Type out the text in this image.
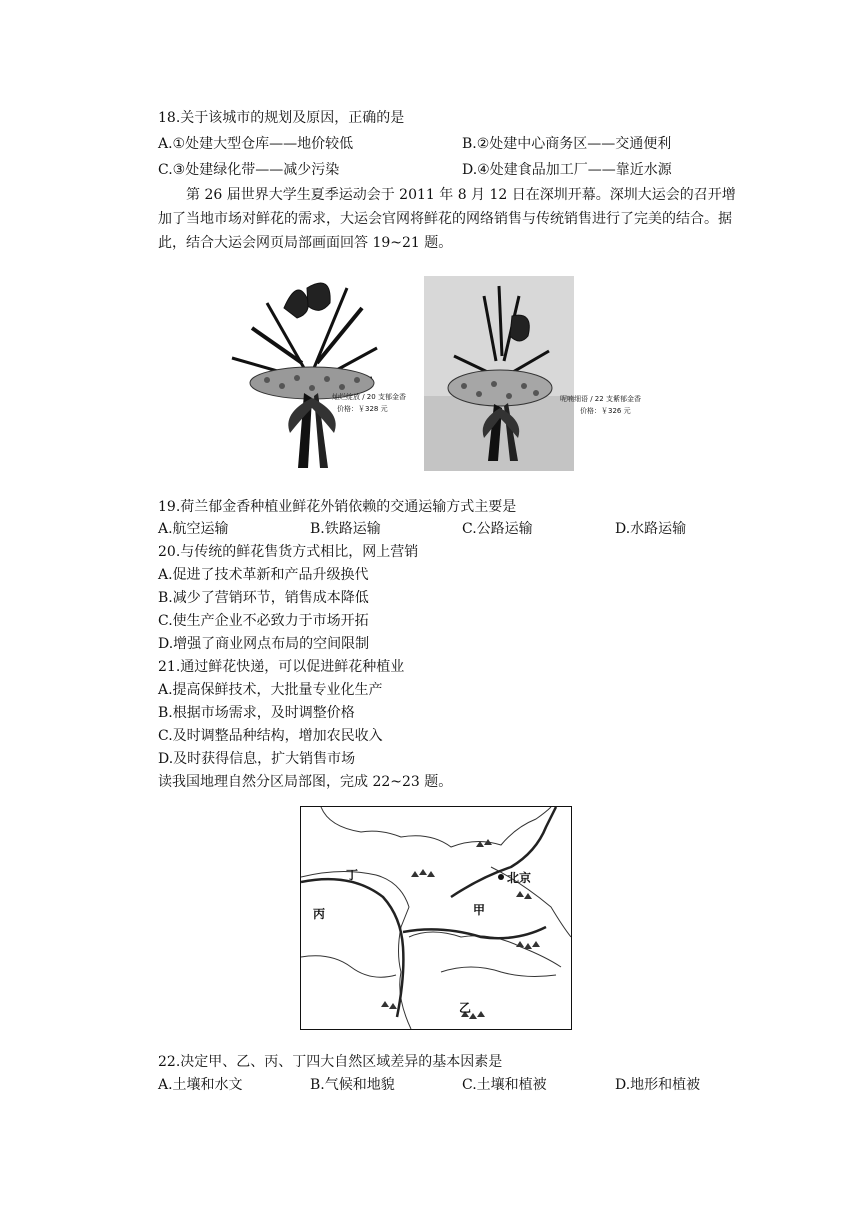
18.关于该城市的规划及原因，正确的是
A.①处建大型仓库——地价较低	B.②处建中心商务区——交通便利
C.③处建绿化带——减少污染	D.④处建食品加工厂——靠近水源
第 26 届世界大学生夏季运动会于 2011 年 8 月 12 日在深圳开幕。深圳大运会的召开增加了当地市场对鲜花的需求，大运会官网将鲜花的网络销售与传统销售进行了完美的结合。据此，结合大运会网页局部画面回答 19~21 题。
灿烂绽放 / 20 支郁金香
价格：￥328 元
呢喃细语 / 22 支紫郁金香
价格：￥326 元
19.荷兰郁金香种植业鲜花外销依赖的交通运输方式主要是
A.航空运输	B.铁路运输	C.公路运输	D.水路运输
20.与传统的鲜花售货方式相比，网上营销
A.促进了技术革新和产品升级换代
B.减少了营销环节，销售成本降低
C.使生产企业不必致力于市场开拓
D.增强了商业网点布局的空间限制
21.通过鲜花快递，可以促进鲜花种植业
A.提高保鲜技术，大批量专业化生产
B.根据市场需求，及时调整价格
C.及时调整品种结构，增加农民收入
D.及时获得信息，扩大销售市场
读我国地理自然分区局部图，完成 22~23 题。
丁
丙	甲
乙
北京
22.决定甲、乙、丙、丁四大自然区域差异的基本因素是
A.土壤和水文	B.气候和地貌	C.土壤和植被	D.地形和植被
